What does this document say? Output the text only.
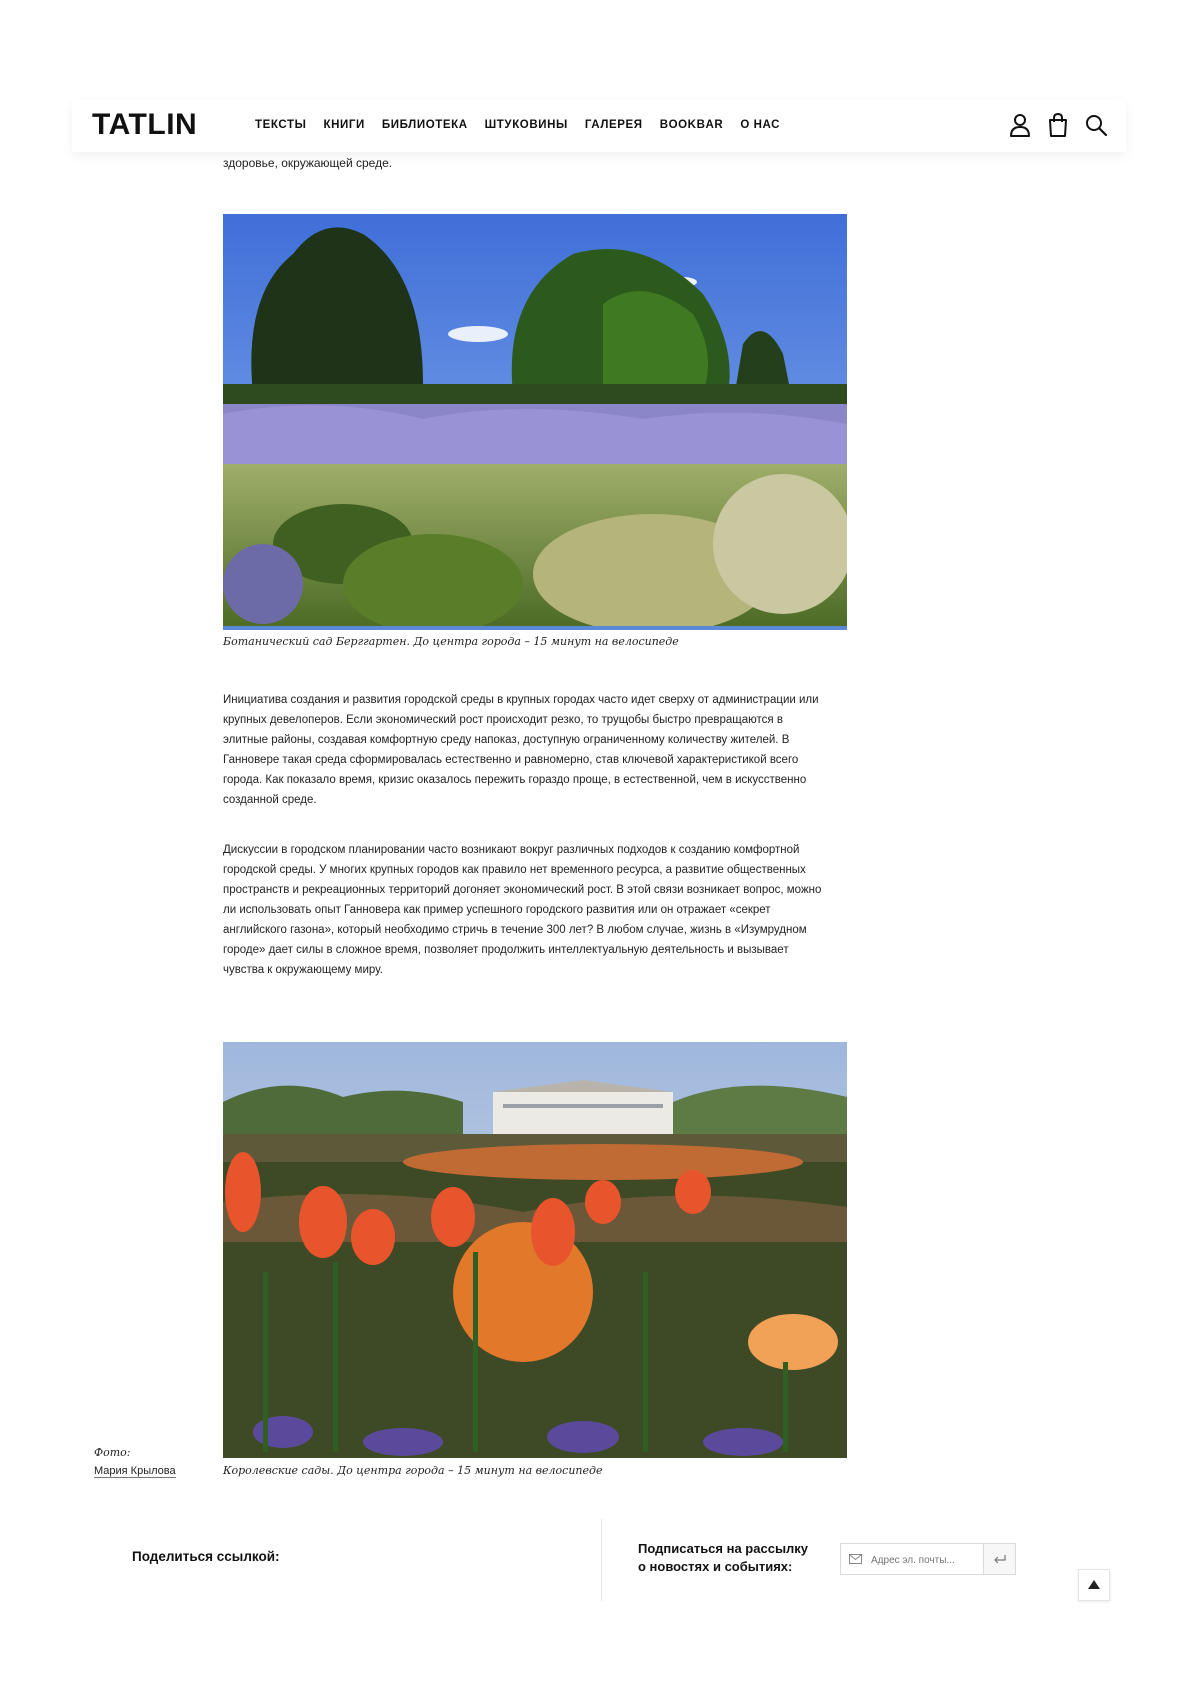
TATLIN	ТЕКСТЫ КНИГИ БИБЛИОТЕКА ШТУКОВИНЫ ГАЛЕРЕЯ BOOKBAR О НАС
здоровье, окружающей среде.
Ботанический сад Берггартен. До центра города – 15 минут на велосипеде

Инициатива создания и развития городской среды в крупных городах часто идет сверху от администрации или крупных девелоперов. Если экономический рост происходит резко, то трущобы быстро превращаются в элитные районы, создавая комфортную среду напоказ, доступную ограниченному количеству жителей. В Ганновере такая среда сформировалась естественно и равномерно, став ключевой характеристикой всего города. Как показало время, кризис оказалось пережить гораздо проще, в естественной, чем в искусственно созданной среде.

Дискуссии в городском планировании часто возникают вокруг различных подходов к созданию комфортной городской среды. У многих крупных городов как правило нет временного ресурса, а развитие общественных пространств и рекреационных территорий догоняет экономический рост. В этой связи возникает вопрос, можно ли использовать опыт Ганновера как пример успешного городского развития или он отражает «секрет английского газона», который необходимо стричь в течение 300 лет? В любом случае, жизнь в «Изумрудном городе» дает силы в сложное время, позволяет продолжить интеллектуальную деятельность и вызывает чувства к окружающему миру.

Фото:
Мария Крылова	Королевские сады. До центра города – 15 минут на велосипеде
Поделиться ссылкой:
Подписаться на рассылку
о новостях и событиях:
Адрес эл. почты...
